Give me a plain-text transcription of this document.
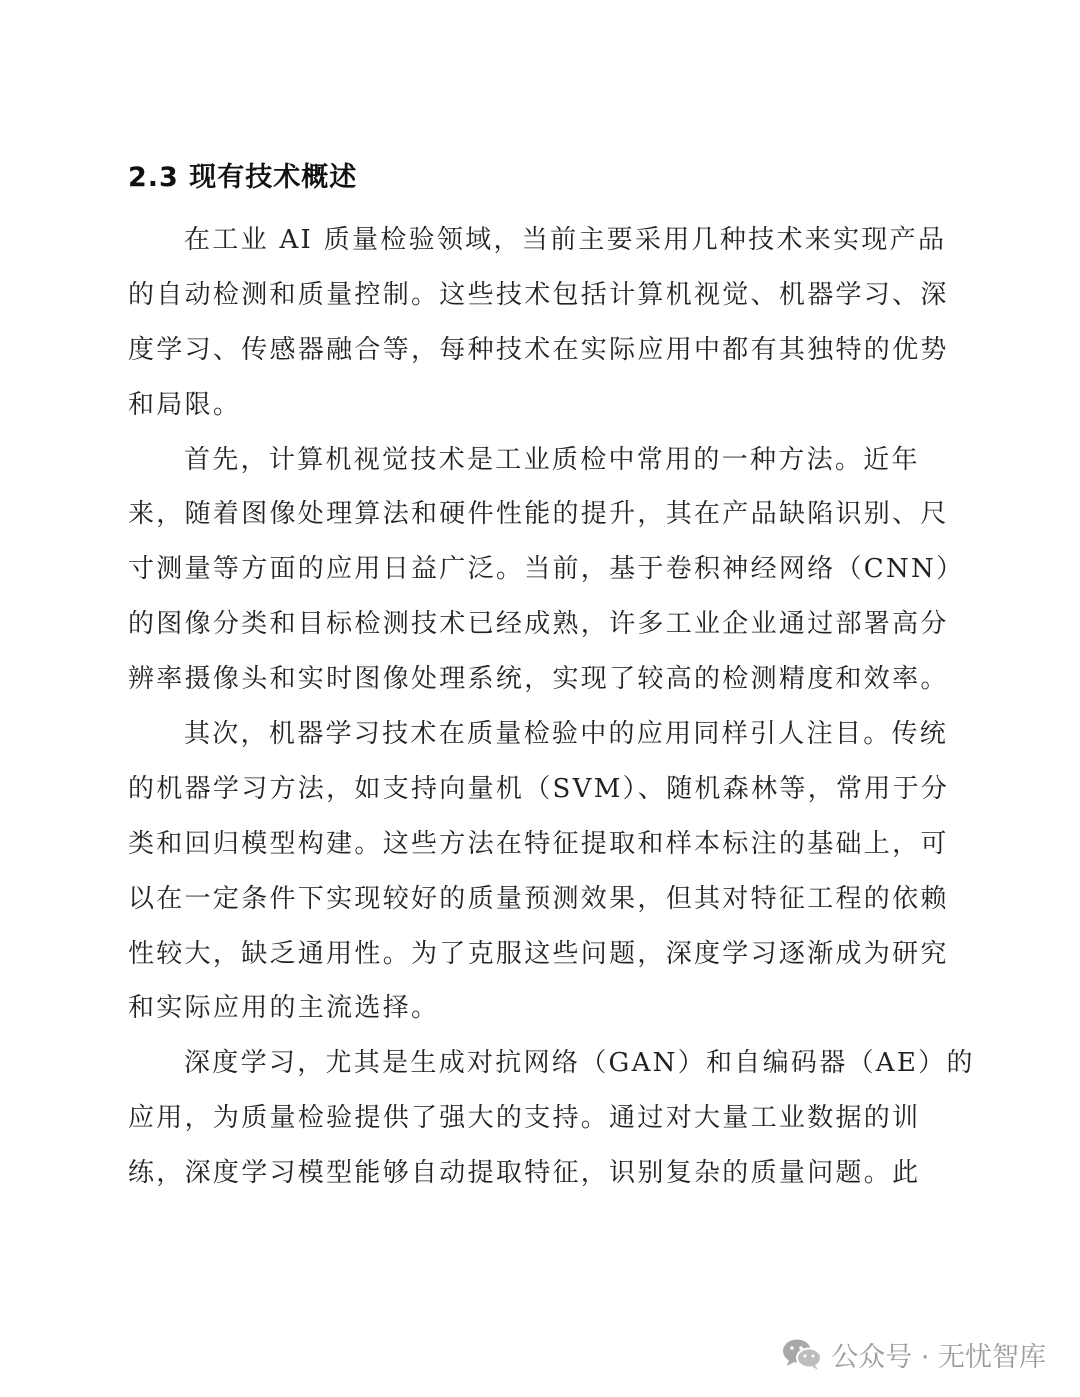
2.3 现有技术概述
在工业 AI 质量检验领域，当前主要采用几种技术来实现产品
的自动检测和质量控制。这些技术包括计算机视觉、机器学习、深
度学习、传感器融合等，每种技术在实际应用中都有其独特的优势
和局限。
首先，计算机视觉技术是工业质检中常用的一种方法。近年
来，随着图像处理算法和硬件性能的提升，其在产品缺陷识别、尺
寸测量等方面的应用日益广泛。当前，基于卷积神经网络（CNN）
的图像分类和目标检测技术已经成熟，许多工业企业通过部署高分
辨率摄像头和实时图像处理系统，实现了较高的检测精度和效率。
其次，机器学习技术在质量检验中的应用同样引人注目。传统
的机器学习方法，如支持向量机（SVM）、随机森林等，常用于分
类和回归模型构建。这些方法在特征提取和样本标注的基础上，可
以在一定条件下实现较好的质量预测效果，但其对特征工程的依赖
性较大，缺乏通用性。为了克服这些问题，深度学习逐渐成为研究
和实际应用的主流选择。
深度学习，尤其是生成对抗网络（GAN）和自编码器（AE）的
应用，为质量检验提供了强大的支持。通过对大量工业数据的训
练，深度学习模型能够自动提取特征，识别复杂的质量问题。此
公众号 · 无忧智库
